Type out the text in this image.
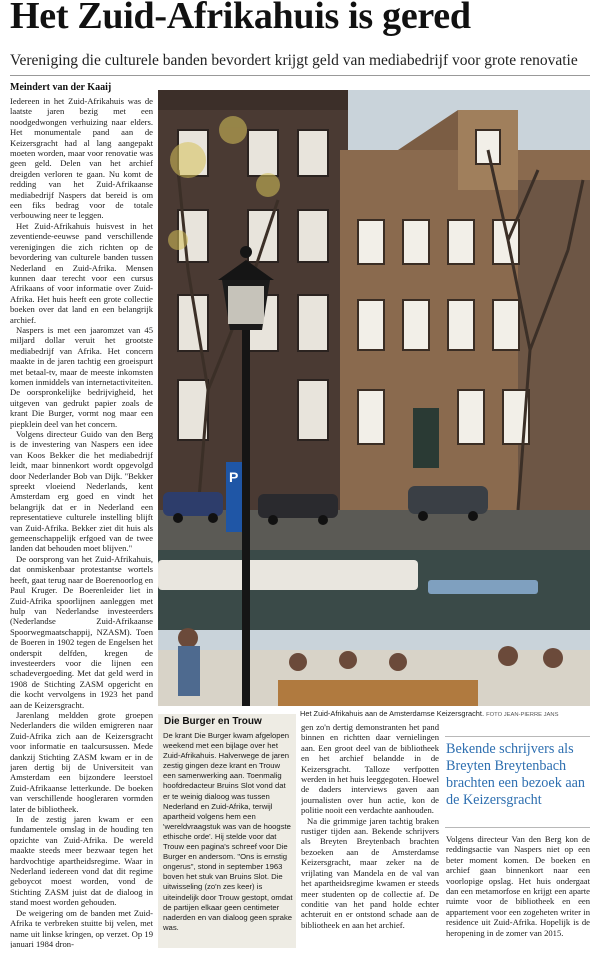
Het Zuid-Afrikahuis is gered
Vereniging die culturele banden bevordert krijgt geld van mediabedrijf voor grote renovatie
Meindert van der Kaaij

Iedereen in het Zuid-Afrikahuis was de laatste jaren bezig met een noodgedwongen verhuizing naar elders. Het monumentale pand aan de Keizersgracht had al lang aangepakt moeten worden, maar voor renovatie was geen geld. Delen van het archief dreigden verloren te gaan. Nu komt de redding van het Zuid-Afrikaanse mediabedrijf Naspers dat bereid is om een fiks bedrag voor de totale verbouwing neer te leggen.

Het Zuid-Afrikahuis huisvest in het zeventiende-eeuwse pand verschillende verenigingen die zich richten op de bevordering van culturele banden tussen Nederland en Zuid-Afrika. Mensen kunnen daar terecht voor een cursus Afrikaans of voor informatie over Zuid-Afrika. Het huis heeft een grote collectie boeken over dat land en een belangrijk archief.

Naspers is met een jaaromzet van 45 miljard dollar veruit het grootste mediabedrijf van Afrika. Het concern maakte in de jaren tachtig een groeispurt met betaal-tv, maar de meeste inkomsten komen inmiddels van internetactiviteiten. De oorspronkelijke bedrijvigheid, het uitgeven van gedrukt papier zoals de krant Die Burger, vormt nog maar een piepklein deel van het concern.

Volgens directeur Guido van den Berg is de investering van Naspers een idee van Koos Bekker die het mediabedrijf leidt, maar binnenkort wordt opgevolgd door Nederlander Bob van Dijk. "Bekker spreekt vloeiend Nederlands, kent Amsterdam erg goed en vindt het belangrijk dat er in Nederland een representatieve culturele instelling blijft van Zuid-Afrika. Bekker ziet dit huis als gemeenschappelijk erfgoed van de twee landen dat behouden moet blijven."

De oorsprong van het Zuid-Afrikahuis, dat onmiskenbaar protestantse wortels heeft, gaat terug naar de Boerenoorlog en Paul Kruger. De Boerenleider liet in Zuid-Afrika spoorlijnen aanleggen met hulp van Nederlandse investeerders (Nederlandse Zuid-Afrikaanse Spoorwegmaatschappij, NZASM). Toen de Boeren in 1902 tegen de Engelsen het onderspit delfden, kregen de investeerders voor die lijnen een schadevergoeding. Met dat geld werd in 1908 de Stichting ZASM opgericht en die kocht vervolgens in 1923 het pand aan de Keizersgracht.

Jarenlang meldden grote groepen Nederlanders die wilden emigreren naar Zuid-Afrika zich aan de Keizersgracht voor informatie en taalcursussen. Mede dankzij Stichting ZASM kwam er in de jaren dertig bij de Universiteit van Amsterdam een bijzondere leerstoel Zuid-Afrikaanse letterkunde. De boeken van verschillende hoogleraren vormden later de bibliotheek.

In de zestig jaren kwam er een fundamentele omslag in de houding ten opzichte van Zuid-Afrika. De wereld maakte steeds meer bezwaar tegen het hardvochtige apartheidsregime. Waar in Nederland iedereen vond dat dit regime geboycot moest worden, vond de Stichting ZASM juist dat de dialoog in stand moest worden gehouden.

De weigering om de banden met Zuid-Afrika te verbreken stuitte bij velen, met name uit linkse kringen, op verzet. Op 19 januari 1984 dron-

P
Het Zuid-Afrikahuis aan de Amsterdamse Keizersgracht. FOTO JEAN-PIERRE JANS
Die Burger en Trouw
De krant Die Burger kwam afgelopen weekend met een bijlage over het Zuid-Afrikahuis. Halverwege de jaren zestig gingen deze krant en Trouw een samenwerking aan. Toenmalig hoofdredacteur Bruins Slot vond dat er te weinig dialoog was tussen Nederland en Zuid-Afrika, terwijl apartheid volgens hem een 'wereldvraagstuk was van de hoogste ethische orde'. Hij stelde voor dat Trouw een pagina's schreef voor Die Burger en andersom. "Ons is ernstig ongerus", stond in september 1963 boven het stuk van Bruins Slot. Die uitwisseling (zo'n zes keer) is uiteindelijk door Trouw gestopt, omdat de partijen elkaar geen centimeter naderden en van dialoog geen sprake was.

gen zo'n dertig demonstranten het pand binnen en richtten daar vernielingen aan. Een groot deel van de bibliotheek en het archief belandde in de Keizersgracht. Talloze verfpotten werden in het huis leeggegoten. Hoewel de daders interviews gaven aan journalisten over hun actie, kon de politie nooit een verdachte aanhouden.

Na die grimmige jaren tachtig braken rustiger tijden aan. Bekende schrijvers als Breyten Breytenbach brachten bezoeken aan de Amsterdamse Keizersgracht, maar zeker na de vrijlating van Mandela en de val van het apartheidsregime kwamen er steeds meer studenten op de collectie af. De conditie van het pand holde echter achteruit en er ontstond schade aan de bibliotheek en aan het archief.

Bekende schrijvers als Breyten Breytenbach brachten een bezoek aan de Keizersgracht

Volgens directeur Van den Berg kon de reddingsactie van Naspers niet op een beter moment komen. De boeken en archief gaan binnenkort naar een voorlopige opslag. Het huis ondergaat dan een metamorfose en krijgt een aparte ruimte voor de bibliotheek en een appartement voor een zogeheten writer in residence uit Zuid-Afrika. Hopelijk is de heropening in de zomer van 2015.
